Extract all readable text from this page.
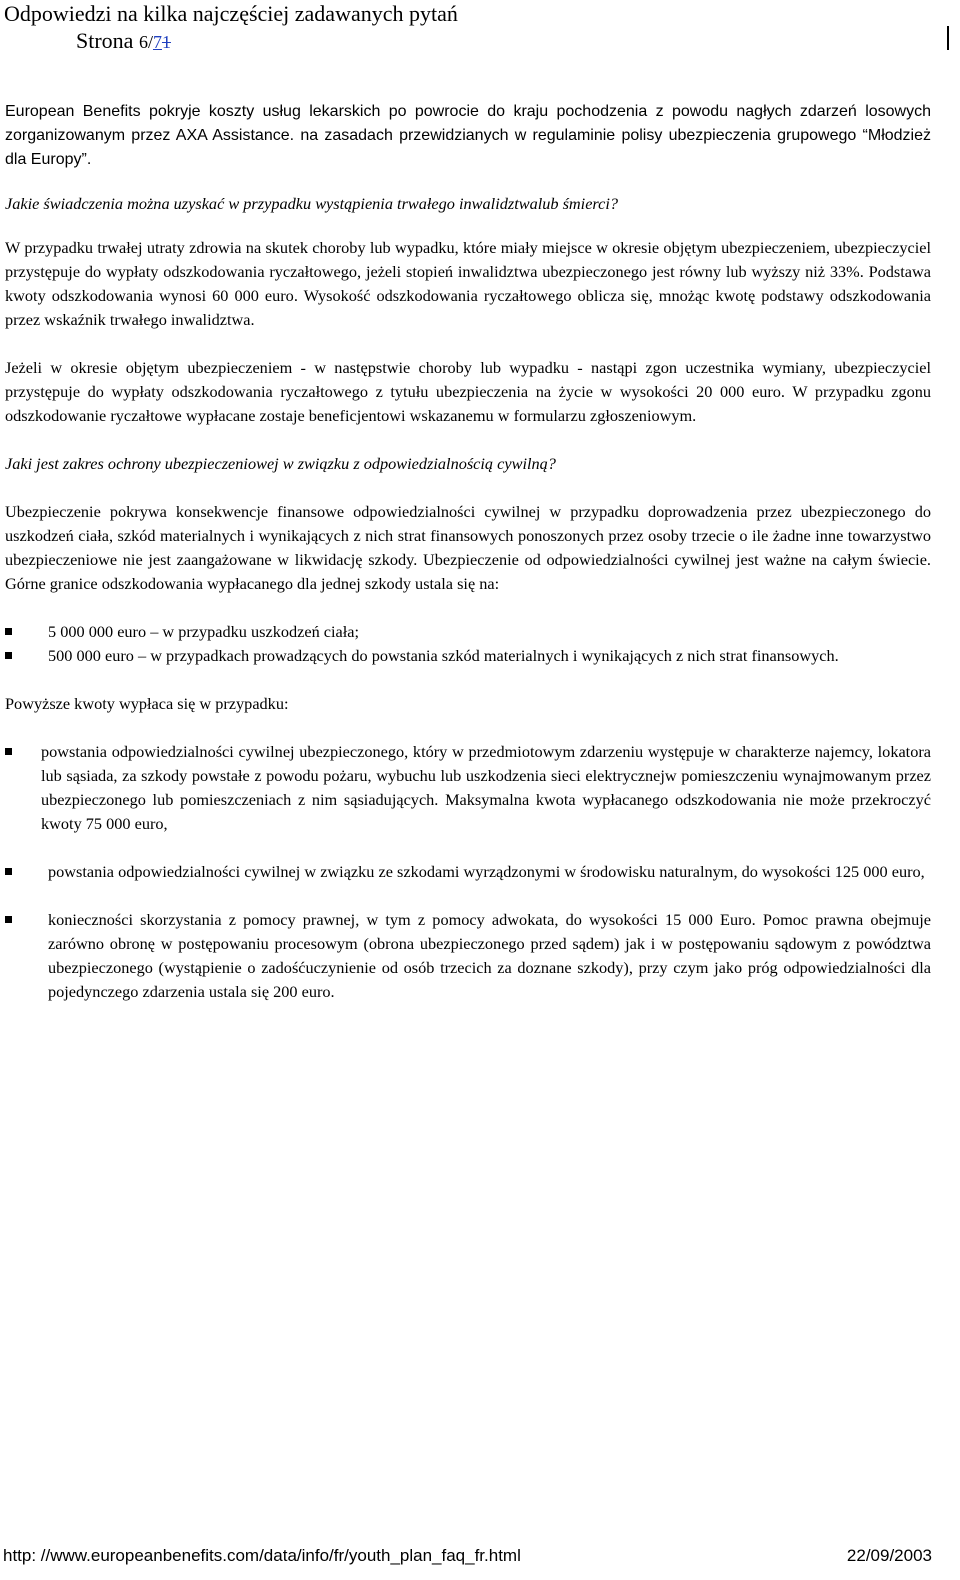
Odpowiedzi na kilka najczęściej zadawanych pytań
Strona 6/71

European Benefits pokryje koszty usług lekarskich po powrocie do kraju pochodzenia z powodu nagłych zdarzeń losowych zorganizowanym przez AXA Assistance. na zasadach przewidzianych w regulaminie polisy ubezpieczenia grupowego “Młodzież dla Europy”.

Jakie świadczenia można uzyskać w przypadku wystąpienia trwałego inwalidztwalub śmierci?

W przypadku trwałej utraty zdrowia na skutek choroby lub wypadku, które miały miejsce w okresie objętym ubezpieczeniem, ubezpieczyciel przystępuje do wypłaty odszkodowania ryczałtowego, jeżeli stopień inwalidztwa ubezpieczonego jest równy lub wyższy niż 33%. Podstawa kwoty odszkodowania wynosi 60 000 euro. Wysokość odszkodowania ryczałtowego oblicza się, mnożąc kwotę podstawy odszkodowania przez wskaźnik trwałego inwalidztwa.

Jeżeli w okresie objętym ubezpieczeniem - w następstwie choroby lub wypadku - nastąpi zgon uczestnika wymiany, ubezpieczyciel przystępuje do wypłaty odszkodowania ryczałtowego z tytułu ubezpieczenia na życie w wysokości 20 000 euro. W przypadku zgonu odszkodowanie ryczałtowe wypłacane zostaje beneficjentowi wskazanemu w formularzu zgłoszeniowym.

Jaki jest zakres ochrony ubezpieczeniowej w związku z odpowiedzialnością cywilną?

Ubezpieczenie pokrywa konsekwencje finansowe odpowiedzialności cywilnej w przypadku doprowadzenia przez ubezpieczonego do uszkodzeń ciała, szkód materialnych i wynikających z nich strat finansowych ponoszonych przez osoby trzecie o ile żadne inne towarzystwo ubezpieczeniowe nie jest zaangażowane w likwidację szkody. Ubezpieczenie od odpowiedzialności cywilnej jest ważne na całym świecie. Górne granice odszkodowania wypłacanego dla jednej szkody ustala się na:

5 000 000 euro – w przypadku uszkodzeń ciała;
500 000 euro – w przypadkach prowadzących do powstania szkód materialnych i wynikających z nich strat finansowych.

Powyższe kwoty wypłaca się w przypadku:

powstania odpowiedzialności cywilnej ubezpieczonego, który w przedmiotowym zdarzeniu występuje w charakterze najemcy, lokatora lub sąsiada, za szkody powstałe z powodu pożaru, wybuchu lub uszkodzenia sieci elektrycznejw pomieszczeniu wynajmowanym przez ubezpieczonego lub pomieszczeniach z nim sąsiadujących. Maksymalna kwota wypłacanego odszkodowania nie może przekroczyć kwoty 75 000 euro,
powstania odpowiedzialności cywilnej w związku ze szkodami wyrządzonymi w środowisku naturalnym, do wysokości 125 000 euro,
konieczności skorzystania z pomocy prawnej, w tym z pomocy adwokata, do wysokości 15 000 Euro. Pomoc prawna obejmuje zarówno obronę w postępowaniu procesowym (obrona ubezpieczonego przed sądem) jak i w postępowaniu sądowym z powództwa ubezpieczonego (wystąpienie o zadośćuczynienie od osób trzecich za doznane szkody), przy czym jako próg odpowiedzialności dla pojedynczego zdarzenia ustala się 200 euro.
http: //www.europeanbenefits.com/data/info/fr/youth_plan_faq_fr.html	22/09/2003
